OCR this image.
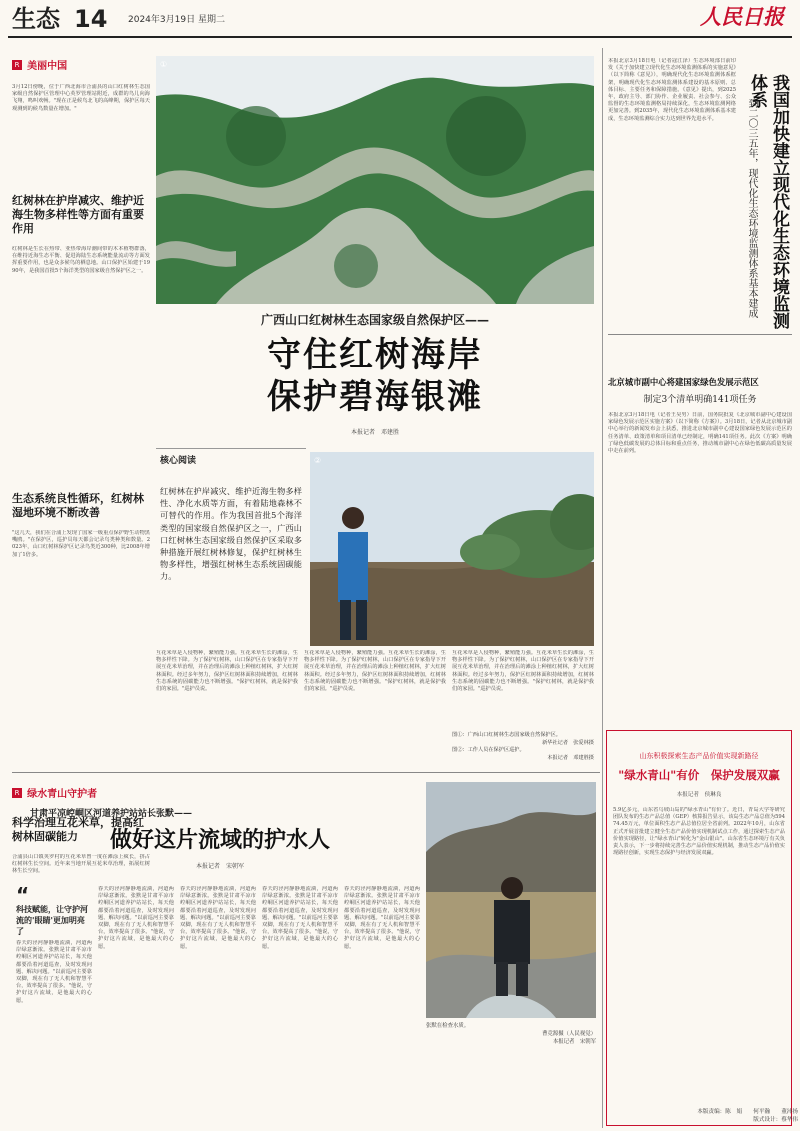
生态 14 2024年3月19日 星期二	人民日报
R 美丽中国
3月12日傍晚，位于广西北海市合浦县的山口红树林生态国家级自然保护区管理中心英罗管理站附近，成群的鸟儿向海飞翔，鸣叫欢畅。"现在正是候鸟北飞的高峰期，保护区每天观测到的候鸟数量在增加。"
红树林在护岸减灾、维护近海生物多样性等方面有重要作用
红树林是生长在热带、亚热带海岸潮间带的木本植物群落，在维持近海生态平衡、促进海陆生态系统能量流动等方面发挥重要作用，也是众多候鸟的栖息地。山口保护区始建于1990年，是我国首批5个海洋类型的国家级自然保护区之一。
生态系统良性循环，红树林湿地环境不断改善
"这几天，我们在合浦上发现了国家一级重点保护野生动物黑嘴鸥。"在保护区，巡护员每天都会记录鸟类种类和数量。2023年，山口红树林保护区记录鸟类近300种，比2008年增加了1倍多。
科学治理互花米草，提高红树林固碳能力
合浦县山口镇英罗村的互花米草曾一度在滩涂上疯长，挤占红树林生长空间。近年来当地开展互花米草治理，拓展红树林生长空间。
①
广西山口红树林生态国家级自然保护区——
守住红树海岸
保护碧海银滩
本报记者　邓建胜
核心阅读
红树林在护岸减灾、维护近海生物多样性、净化水质等方面，有着陆地森林不可替代的作用。作为我国首批5个海洋类型的国家级自然保护区之一，广西山口红树林生态国家级自然保护区采取多种措施开展红树林修复，保护红树林生物多样性，增强红树林生态系统固碳能力。
②
互花米草是人侵物种，繁殖能力强。互花米草生长的滩涂，生物多样性下降。为了保护红树林，山口保护区在专家指导下开展互花米草治理，并在治理后的滩涂上种植红树林，扩大红树林面积。经过多年努力，保护区红树林面积持续增加，红树林生态系统的固碳能力也不断增强。"保护红树林，就是保护我们的家园。"巡护员说。
互花米草是人侵物种，繁殖能力强。互花米草生长的滩涂，生物多样性下降。为了保护红树林，山口保护区在专家指导下开展互花米草治理，并在治理后的滩涂上种植红树林，扩大红树林面积。经过多年努力，保护区红树林面积持续增加，红树林生态系统的固碳能力也不断增强。"保护红树林，就是保护我们的家园。"巡护员说。
互花米草是人侵物种，繁殖能力强。互花米草生长的滩涂，生物多样性下降。为了保护红树林，山口保护区在专家指导下开展互花米草治理，并在治理后的滩涂上种植红树林，扩大红树林面积。经过多年努力，保护区红树林面积持续增加，红树林生态系统的固碳能力也不断增强。"保护红树林，就是保护我们的家园。"巡护员说。
图①：广西山口红树林生态国家级自然保护区。
新华社记者　张爱林摄
图②：工作人员在保护区巡护。
本报记者　邓建胜摄
R 绿水青山守护者
甘肃平凉崆峒区河道养护站站长张默——
做好这片流域的护水人
本报记者　宋朝军
“
科技赋能，让守护河流的'眼睛'更加明亮了
春天的泾河静静地流淌，河道两岸绿意渐浓。张默是甘肃平凉市崆峒区河道养护站站长，每天他都要沿着河道巡查，及时发现问题、解决问题。"以前巡河主要靠双脚，现在有了无人机和智慧平台，效率提高了很多。"他说，守护好这片流域，是他最大的心愿。
春天的泾河静静地流淌，河道两岸绿意渐浓。张默是甘肃平凉市崆峒区河道养护站站长，每天他都要沿着河道巡查，及时发现问题、解决问题。"以前巡河主要靠双脚，现在有了无人机和智慧平台，效率提高了很多。"他说，守护好这片流域，是他最大的心愿。
春天的泾河静静地流淌，河道两岸绿意渐浓。张默是甘肃平凉市崆峒区河道养护站站长，每天他都要沿着河道巡查，及时发现问题、解决问题。"以前巡河主要靠双脚，现在有了无人机和智慧平台，效率提高了很多。"他说，守护好这片流域，是他最大的心愿。
春天的泾河静静地流淌，河道两岸绿意渐浓。张默是甘肃平凉市崆峒区河道养护站站长，每天他都要沿着河道巡查，及时发现问题、解决问题。"以前巡河主要靠双脚，现在有了无人机和智慧平台，效率提高了很多。"他说，守护好这片流域，是他最大的心愿。
春天的泾河静静地流淌，河道两岸绿意渐浓。张默是甘肃平凉市崆峒区河道养护站站长，每天他都要沿着河道巡查，及时发现问题、解决问题。"以前巡河主要靠双脚，现在有了无人机和智慧平台，效率提高了很多。"他说，守护好这片流域，是他最大的心愿。
张默在检查水质。
曹竞源摄（人民视觉）
本报记者　宋朝军
本报北京3月18日电（记者寇江泽）生态环境部日前印发《关于加快建立现代化生态环境监测体系的实施意见》（以下简称《意见》），明确现代化生态环境监测体系框架，明确现代化生态环境监测体系建设的基本原则、总体目标、主要任务和保障措施。《意见》提出，到2025年，政府主导、部门协作、企业履责、社会参与、公众监督的生态环境监测格局持续深化，生态环境监测网络更加完善。到2035年，现代化生态环境监测体系基本建成，生态环境监测综合实力达到世界先进水平。	我国加快建立现代化生态环境监测体系
到二〇三五年，现代化生态环境监测体系基本建成
北京城市副中心将建国家绿色发展示范区
制定3个清单明确141项任务
本报北京3月18日电（记者王昊男）日前，国务院批复《北京城市副中心建设国家绿色发展示范区实施方案》（以下简称《方案》）。3月18日，记者从北京城市副中心举行的新闻发布会上获悉，推进北京城市副中心建设国家绿色发展示范区的任务清单、政策清单和项目清单已经制定，明确141项任务。此次《方案》明确了绿色低碳发展的总体目标和重点任务，推动城市副中心在绿色低碳高质量发展中走在前列。
山东积极探索生态产品价值实现新路径
"绿水青山"有价　保护发展双赢
本报记者　侯琳良
5.9亿多元，山东省乌坡山岛的"绿水青山"有价了。近日，青岛大学等研究团队发布的生态产品总值（GEP）核算报告显示，该岛生态产品总值为59474.45万元，单位面积生态产品总值位居全省前列。2022年10月，山东省正式开展首批建立健全生态产品价值实现机制试点工作，通过探索生态产品价值实现路径，让"绿水青山"转化为"金山银山"。山东省生态环境厅有关负责人表示，下一步将持续完善生态产品价值实现机制，推动生态产品价值实现路径创新，实现生态保护与经济发展双赢。
本版责编：陈　娟　　何平瀚　　董沛扬
版式设计：蔡华伟
